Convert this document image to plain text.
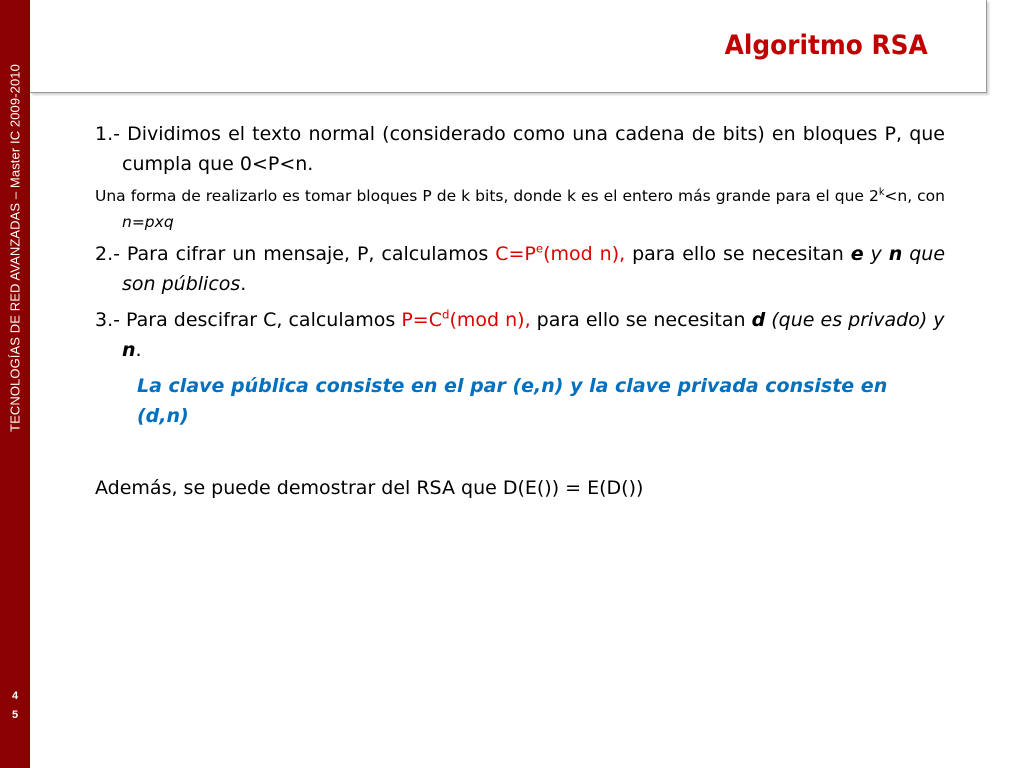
TECNOLOGÍAS DE RED AVANZADAS – Master IC 2009-2010
4
5
Algoritmo RSA

1.- Dividimos el texto normal (considerado como una cadena de bits) en bloques P, que cumpla que 0<P<n.

Una forma de realizarlo es tomar bloques P de k bits, donde k es el entero más grande para el que $2^k<n$, con n=pxq

2.- Para cifrar un mensaje, P, calculamos $C=P^e(mod$ n), para ello se necesitan e y n que son públicos.

3.- Para descifrar C, calculamos $P=C^d(mod$ n), para ello se necesitan d (que es privado) y n.

La clave pública consiste en el par (e,n) y la clave privada consiste en (d,n)

Además, se puede demostrar del RSA que D(E()) = E(D())
